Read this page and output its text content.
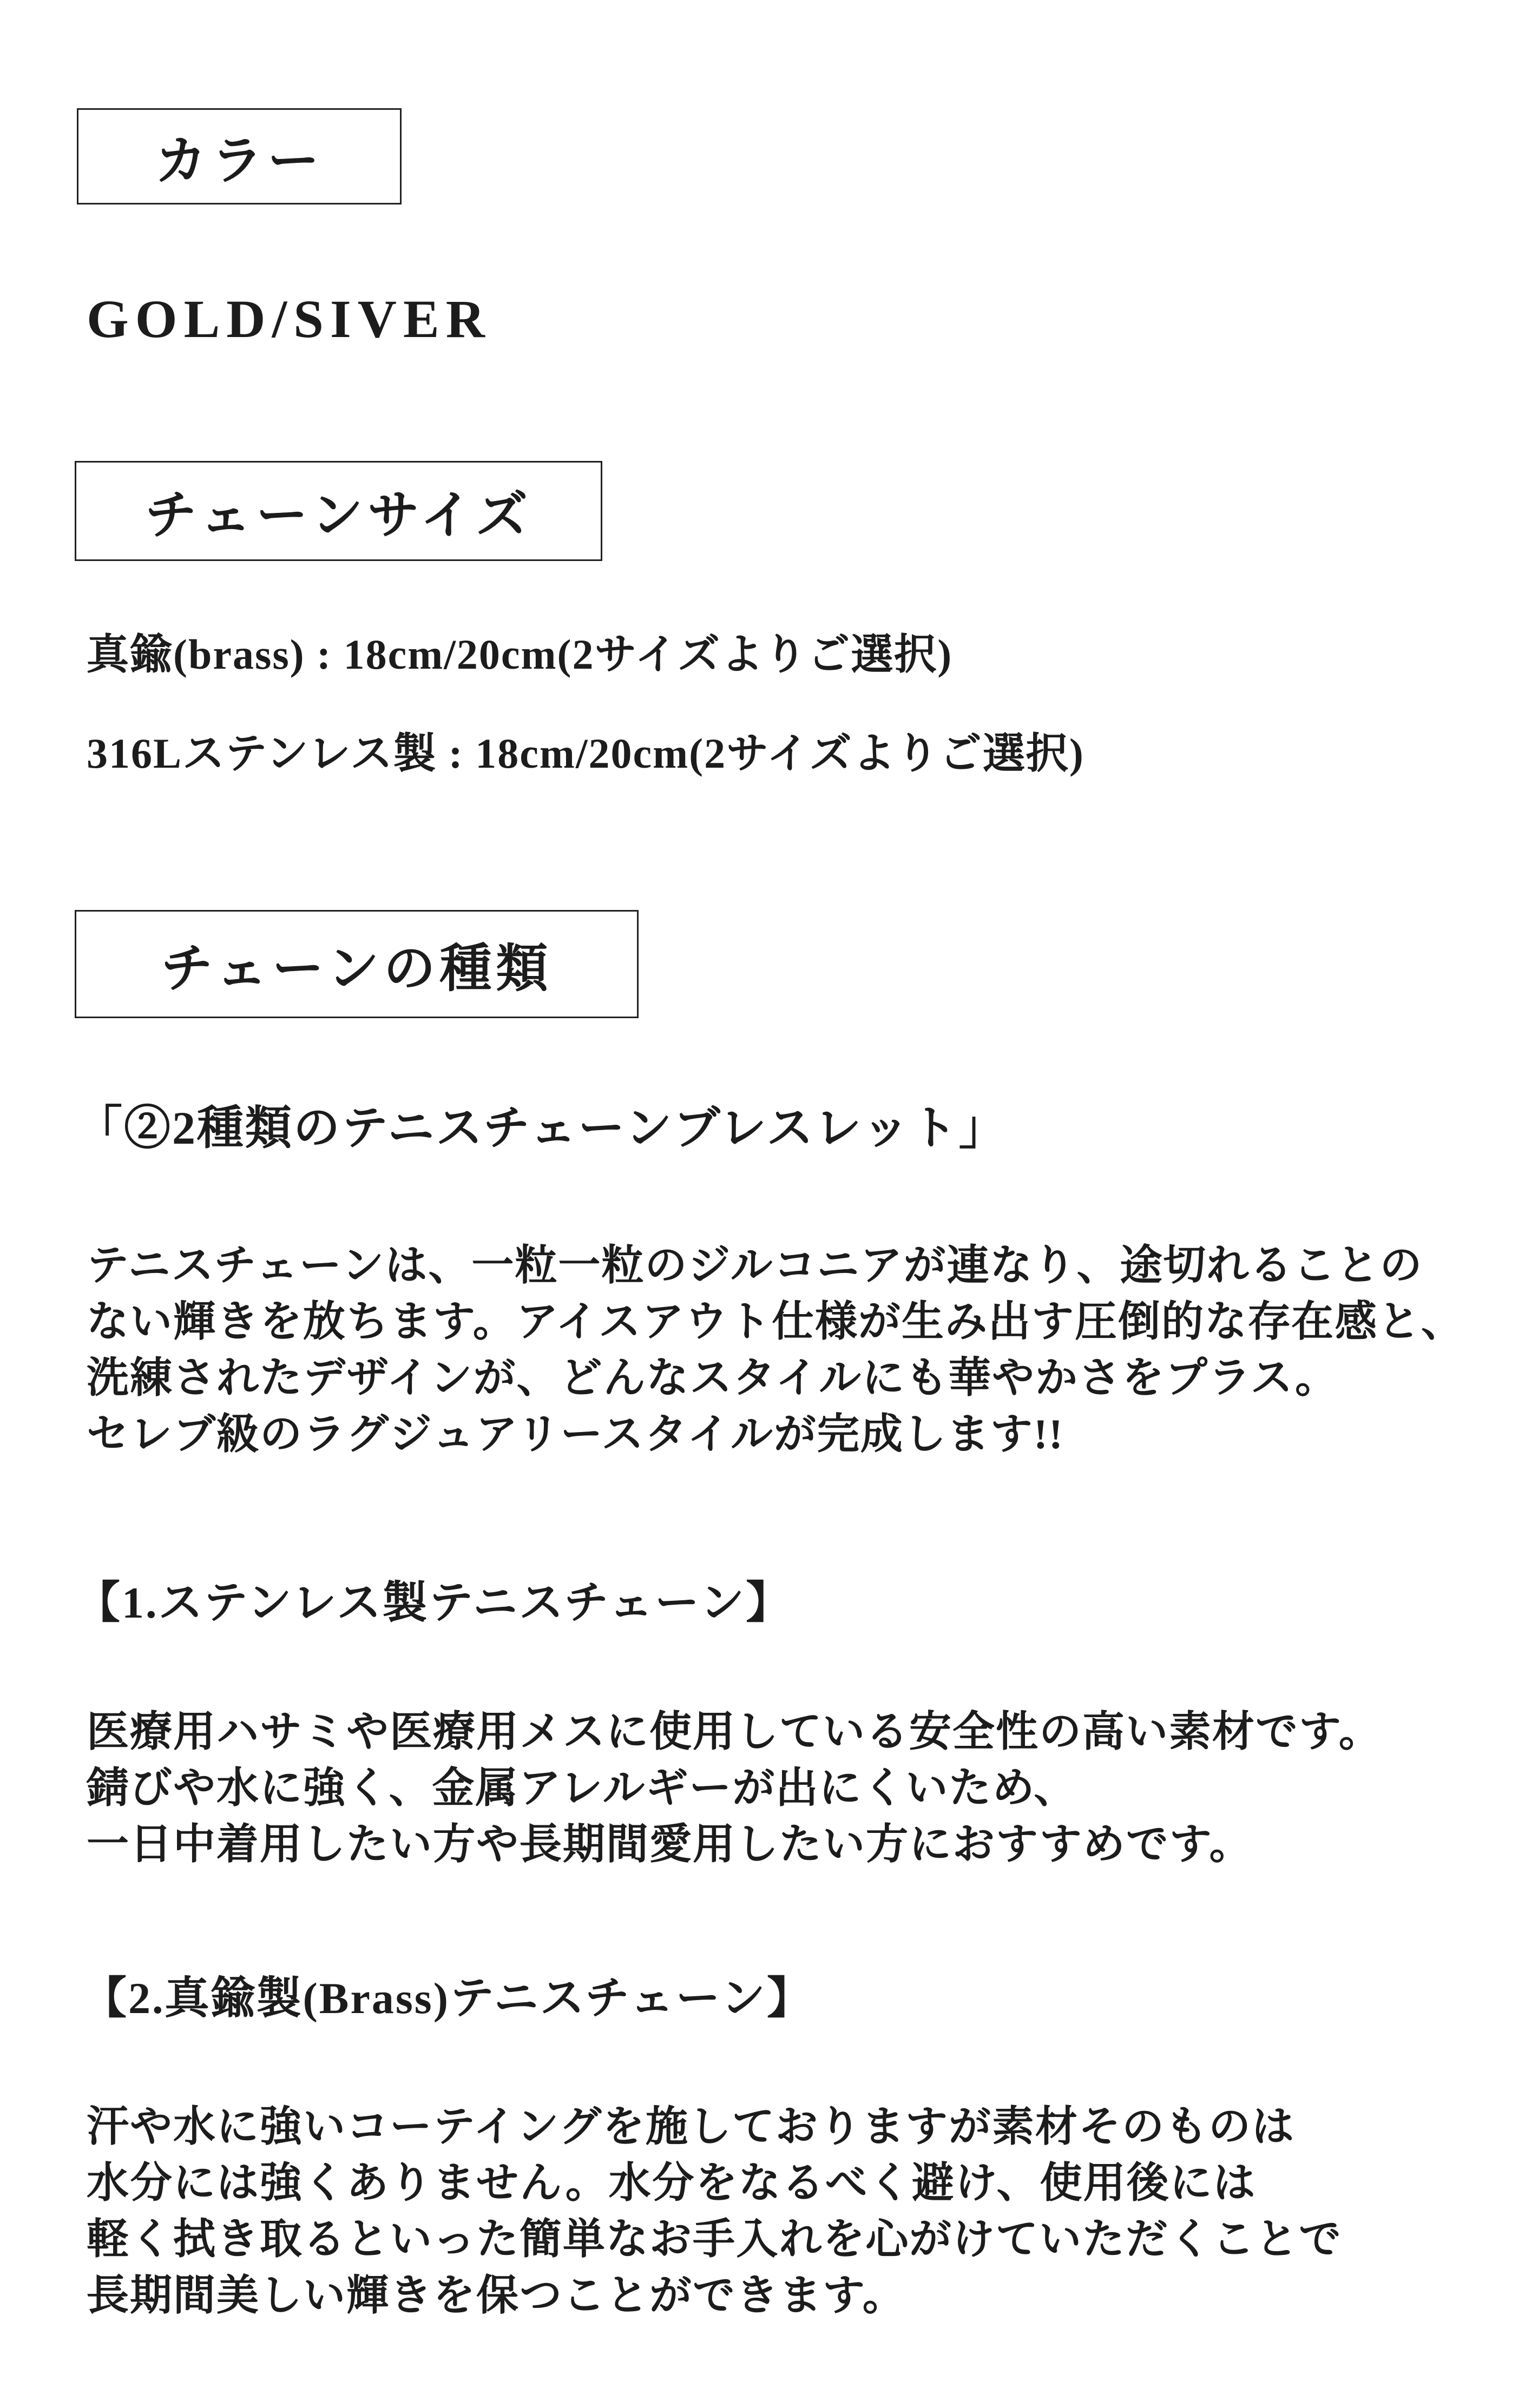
カラー
GOLD/SIVER
チェーンサイズ
真鍮(brass) : 18cm/20cm(2サイズよりご選択)
316Lステンレス製 : 18cm/20cm(2サイズよりご選択)
チェーンの種類
「②2種類のテニスチェーンブレスレット」
テニスチェーンは、一粒一粒のジルコニアが連なり、途切れることの
ない輝きを放ちます。アイスアウト仕様が生み出す圧倒的な存在感と、
洗練されたデザインが、どんなスタイルにも華やかさをプラス。
セレブ級のラグジュアリースタイルが完成します!!
【1.ステンレス製テニスチェーン】
医療用ハサミや医療用メスに使用している安全性の高い素材です。
錆びや水に強く、金属アレルギーが出にくいため、
一日中着用したい方や長期間愛用したい方におすすめです。
【2.真鍮製(Brass)テニスチェーン】
汗や水に強いコーテイングを施しておりますが素材そのものは
水分には強くありません。水分をなるべく避け、使用後には
軽く拭き取るといった簡単なお手入れを心がけていただくことで
長期間美しい輝きを保つことができます。
